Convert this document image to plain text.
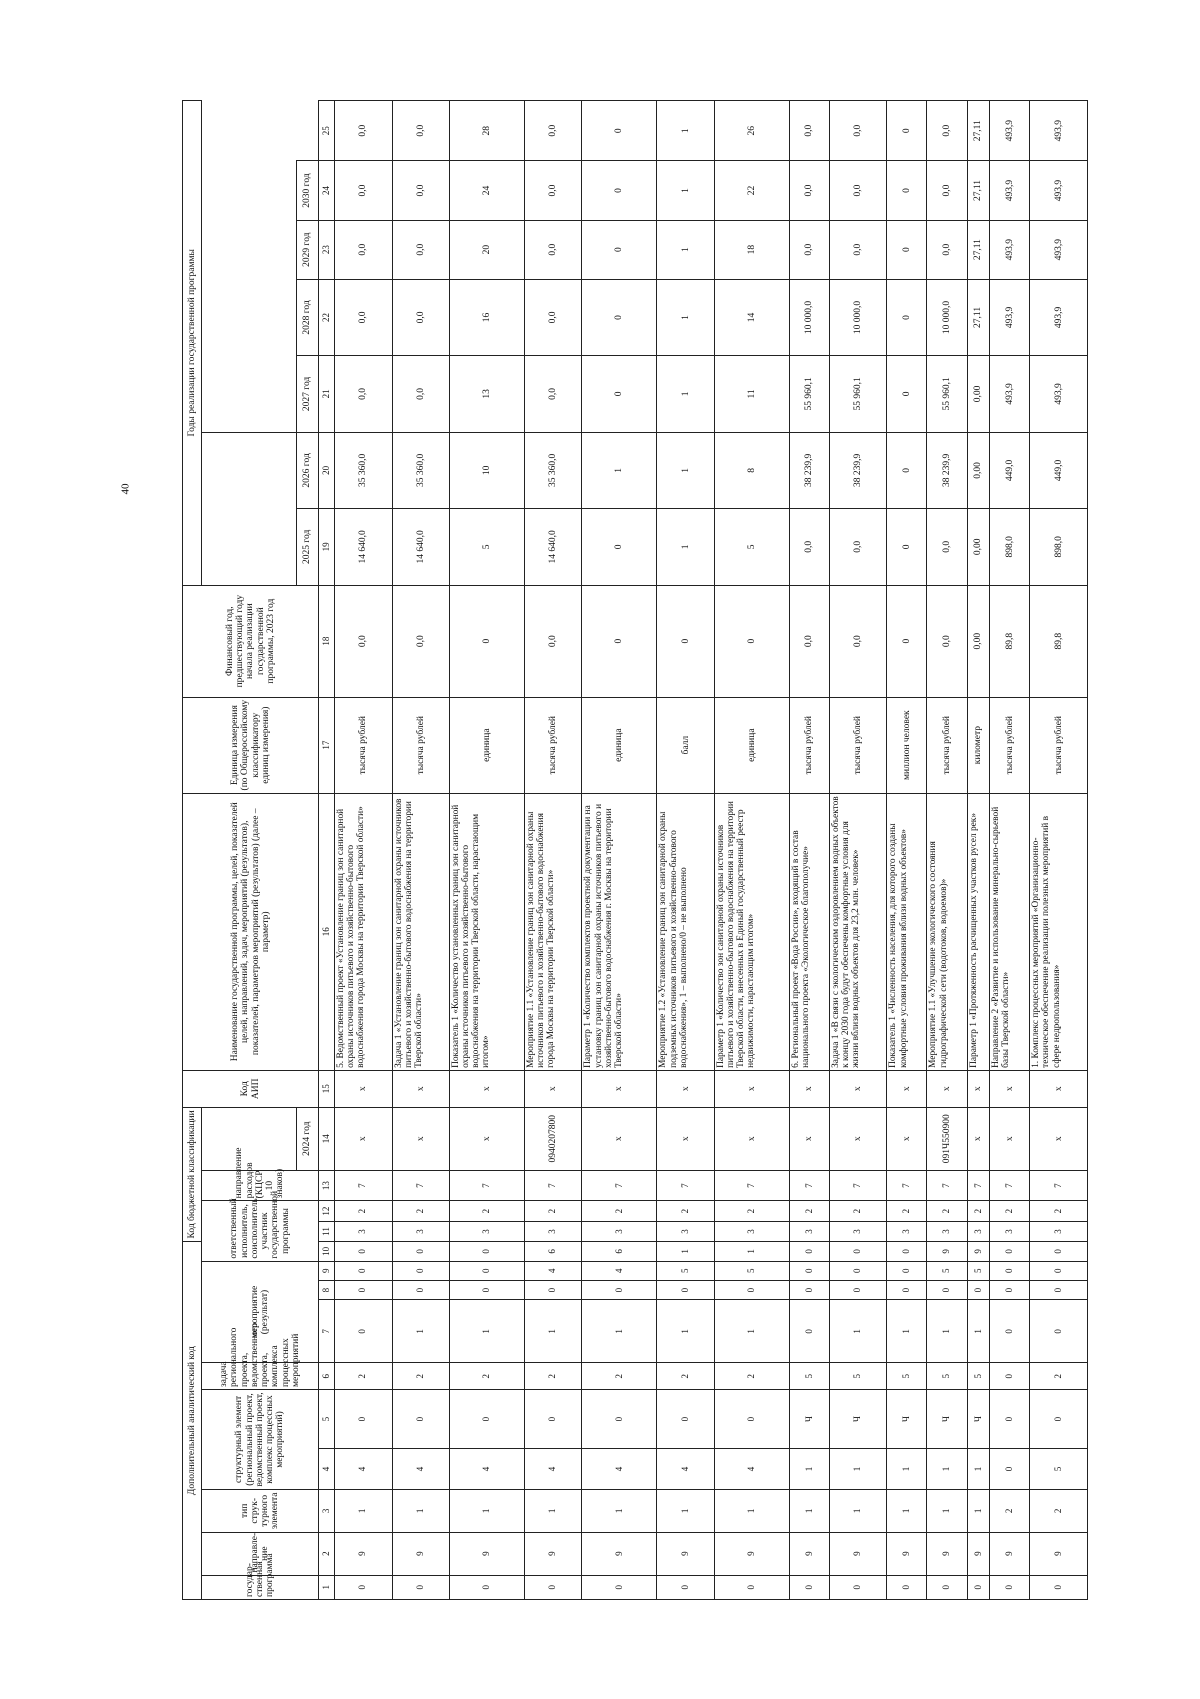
40
Дополнительный аналитический код										Код бюджетной классификации				Код АИП	Наименование государственной программы, целей, показателей целей, направлений, задач, мероприятий (результатов), показателей, параметров мероприятий (результатов) (далее – параметр)	Единица измерения (по Общероссийскому классификатору единиц измерения)	Финансовый год, предшествующий году начала реализации государственной программы, 2023 год	Годы реализации государственной программы						
государ-ственная программа	направле-ние	тип струк-турного элемента	структурный элемент (региональный проект, ведомственный проект, комплекс процессных мероприятий)		задача регионального проекта, ведомственного проекта, комплекса процессных мероприятий	мероприятие (результат)			ответственный исполнитель, соисполнитель, участник государственной программы			направление расходов (КЦСР 10 знаков)												
													2024 год					2025 год	2026 год	2027 год	2028 год	2029 год	2030 год	
1	2	3	4	5	6	7	8	9	10	11	12	13	14	15	16	17	18	19	20	21	22	23	24	25
0	9	1	4	0	2	0	0	0	0	3	2	7	х	х	5. Ведомственный проект «Установление границ зон санитарной охраны источников питьевого и хозяйственно-бытового водоснабжения города Москвы на территории Тверской области»	тысяча рублей	0,0	14 640,0	35 360,0	0,0	0,0	0,0	0,0	0,0
0	9	1	4	0	2	1	0	0	0	3	2	7	х	х	Задача 1 «Установление границ зон санитарной охраны источников питьевого и хозяйственно-бытового водоснабжения на территории Тверской области»	тысяча рублей	0,0	14 640,0	35 360,0	0,0	0,0	0,0	0,0	0,0
0	9	1	4	0	2	1	0	0	0	3	2	7	х	х	Показатель 1 «Количество установленных границ зон санитарной охраны источников питьевого и хозяйственно-бытового водоснабжения на территории Тверской области, нарастающим итогом»	единица	0	5	10	13	16	20	24	28
0	9	1	4	0	2	1	0	4	6	3	2	7	0940207800	х	Мероприятие 1.1 «Установление границ зон санитарной охраны источников питьевого и хозяйственно-бытового водоснабжения города Москвы на территории Тверской области»	тысяча рублей	0,0	14 640,0	35 360,0	0,0	0,0	0,0	0,0	0,0
0	9	1	4	0	2	1	0	4	6	3	2	7	х	х	Параметр 1 «Количество комплектов проектной документации на установку границ зон санитарной охраны источников питьевого и хозяйственно-бытового водоснабжения г. Москвы на территории Тверской области»	единица	0	0	1	0	0	0	0	0
0	9	1	4	0	2	1	0	5	1	3	2	7	х	х	Мероприятие 1.2 «Установление границ зон санитарной охраны подземных источников питьевого и хозяйственно-бытового водоснабжения», 1 – выполнено/0 – не выполнено	балл	0	1	1	1	1	1	1	1
0	9	1	4	0	2	1	0	5	1	3	2	7	х	х	Параметр 1 «Количество зон санитарной охраны источников питьевого и хозяйственно-бытового водоснабжения на территории Тверской области, внесенных в Единый государственный реестр недвижимости, нарастающим итогом»	единица	0	5	8	11	14	18	22	26
0	9	1	1	Ч	5	0	0	0	0	3	2	7	х	х	6. Региональный проект «Вода России», входящий в состав национального проекта «Экологическое благополучие»	тысяча рублей	0,0	0,0	38 239,9	55 960,1	10 000,0	0,0	0,0	0,0
0	9	1	1	Ч	5	1	0	0	0	3	2	7	х	х	Задача 1 «В связи с экологическим оздоровлением водных объектов к концу 2030 года будут обеспечены комфортные условия для жизни вблизи водных объектов для 23,2 млн. человек»	тысяча рублей	0,0	0,0	38 239,9	55 960,1	10 000,0	0,0	0,0	0,0
0	9	1	1	Ч	5	1	0	0	0	3	2	7	х	х	Показатель 1 «Численность населения, для которого созданы комфортные условия проживания вблизи водных объектов»	миллион человек	0	0	0	0	0	0	0	0
0	9	1	1	Ч	5	1	0	5	9	3	2	7	091Ч550900	х	Мероприятие 1.1 «Улучшение экологического состояния гидрографической сети (водотоков, водоемов)»	тысяча рублей	0,0	0,0	38 239,9	55 960,1	10 000,0	0,0	0,0	0,0
0	9	1	1	Ч	5	1	0	5	9	3	2	7	х	х	Параметр 1 «Протяженность расчищенных участков русел рек»	километр	0,00	0,00	0,00	0,00	27,11	27,11	27,11	27,11
0	9	2	0	0	0	0	0	0	0	3	2	7	х	х	Направление 2 «Развитие и использование минерально-сырьевой базы Тверской области»	тысяча рублей	89,8	898,0	449,0	493,9	493,9	493,9	493,9	493,9
0	9	2	5	0	2	0	0	0	0	3	2	7	х	х	1. Комплекс процессных мероприятий «Организационно-техническое обеспечение реализации полезных мероприятий в сфере недропользования»	тысяча рублей	89,8	898,0	449,0	493,9	493,9	493,9	493,9	493,9
